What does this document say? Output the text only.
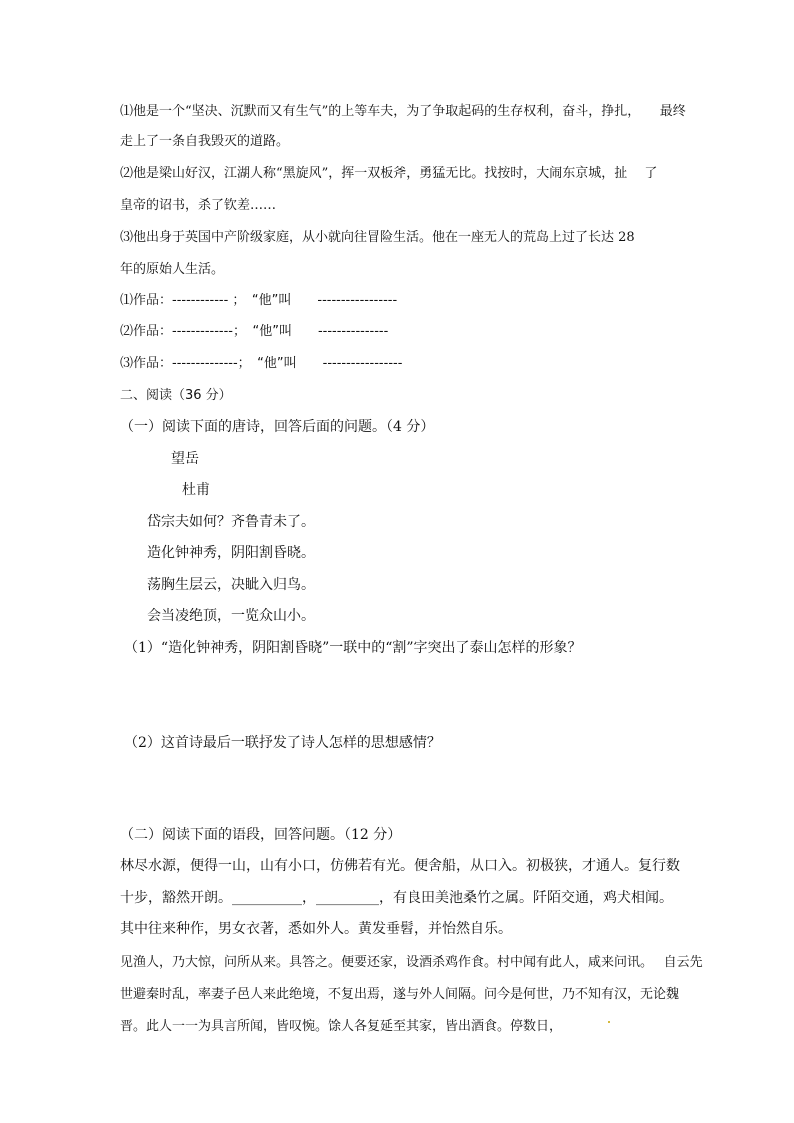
⑴他是一个“坚决、沉默而又有生气”的上等车夫，为了争取起码的生存权利，奋斗，挣扎，　　最终
走上了一条自我毁灭的道路。
⑵他是梁山好汉，江湖人称“黑旋风”，挥一双板斧，勇猛无比。找按时，大闹东京城，扯　 了
皇帝的诏书，杀了钦差……
⑶他出身于英国中产阶级家庭，从小就向往冒险生活。他在一座无人的荒岛上过了长达 28
年的原始人生活。
⑴作品：------------ ；　“他”叫　　-----------------
⑵作品：-------------；　“他”叫　　---------------
⑶作品：--------------；　“他”叫　　-----------------
二、阅读（36 分）
（一）阅读下面的唐诗，回答后面的问题。（4 分）
望岳
杜甫
岱宗夫如何？齐鲁青未了。
造化钟神秀，阴阳割昏晓。
荡胸生层云，决眦入归鸟。
会当凌绝顶，一览众山小。
（1）“造化钟神秀，阴阳割昏晓”一联中的“割”字突出了泰山怎样的形象？
（2）这首诗最后一联抒发了诗人怎样的思想感情？
（二）阅读下面的语段，回答问题。（12 分）
林尽水源，便得一山，山有小口，仿佛若有光。便舍船，从口入。初极狭，才通人。复行数
十步，豁然开朗。__________，_________，有良田美池桑竹之属。阡陌交通，鸡犬相闻。
其中往来种作，男女衣著，悉如外人。黄发垂髫，并怡然自乐。
见渔人，乃大惊，问所从来。具答之。便要还家，设酒杀鸡作食。村中闻有此人，咸来问讯。　 自云先
世避秦时乱，率妻子邑人来此绝境，不复出焉，遂与外人间隔。问今是何世，乃不知有汉，无论魏
晋。此人一一为具言所闻，皆叹惋。馀人各复延至其家，皆出酒食。停数日，
